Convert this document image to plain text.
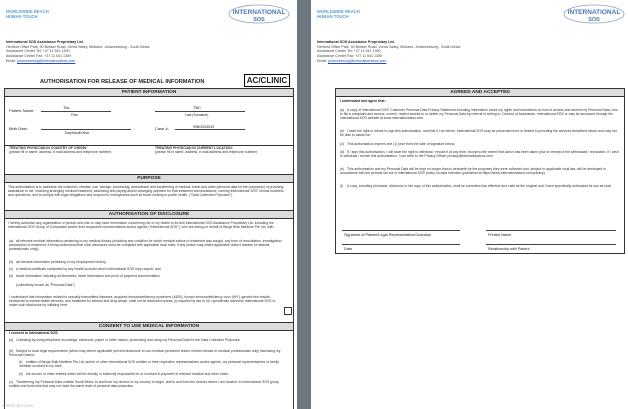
WORLDWIDE REACH
HUMAN TOUCH
INTERNATIONAL
SOS
International SOS Assistance Proprietary Ltd.
Hertford Office Park, 90 Bekker Road, Vorna Valley, Midrand, Johannesburg - South Africa
Assistance Center Tel: +27 11 541 1300
Assistance Center Fax: +27 11 541 1359
Email: johannesburg@internationalsos.com
AUTHORISATION FOR RELEASE OF MEDICAL INFORMATION	AC/CLINIC
PATIENT INFORMATION
Patient Name:
Tbc	TBC
First	Last (Surname)
Birth Date:
Day/Month/Year
Case #:	99BO003033
TREATING PHYSICIAN IN COUNTRY OF ORIGIN:
(please fill in name, address, e-mail address and telephone number)
TREATING PHYSICIAN IN CURRENT LOCATION:
(please fill in name, address, e-mail address and telephone number)
PURPOSE
This authorisation is to authorise the collection, release, use, storage, processing, amendment and transferring of medical, travel and other personal data for the purpose(s) of providing assistance to me, including arranging medical treatment, assessing and paying and/or arranging payment for that treatment and assistance, running International SOS' normal business and operations, and to comply with legal obligations and respond to emergencies such as those relating to public health. ("Data Collection Purposes").
AUTHORISATION OF DISCLOSURE
I hereby authorise any organisation or person who has or may have information concerning me or my health to furnish International SOS Assistance Proprietary Ltd, including the International SOS Group of Companies and/or their respective representatives and/or agents ("International SOS"), who are acting on behalf of Berge Bulk Maritime Pte Ltd, with:
(a) all relevant medical information pertaining to my medical history (including any condition for which medical advice or treatment was sought, any form of consultation, investigation, prescription or treatment, it being understood that such disclosure must be compliant with applicable local rules, if any (which may where applicable restrict release of medical professionals only));
(b) all relevant information pertaining to my employment history;
(c) a medical certificate completed by any health provider which International SOS may require; and
(d) travel information including all itineraries, ticket information and proof of payment documentation
(collectively known as "Personal Data")
I understand that information related to sexually transmitted diseases, acquired immunodeficiency syndrome (AIDS), human immunodeficiency virus (HIV), genetic test results, behavioral or mental health services, and treatment for alcohol and drug abuse, shall not be disclosed unless; (i) required by law or (ii) I specifically authorise International SOS to make such disclosure by initialing here:
CONSENT TO USE MEDICAL INFORMATION
I consent to International SOS:
(a) Collecting by using telephone recordings, electronic, paper or other means, processing and using my Personal Data for the Data Collection Purposes;
(b) Subject to local legal requirements (which may where applicable prevent disclosure to non-medical personnel and/or restrict release to medical professionals only) disclosing my Personal Data to:
(i) entities of Berge Bulk Maritime Pte Ltd, and/or of other International SOS entities or their respective representatives and/or agents, my personal representatives or family member involved in my care;
(ii) the insurer or other entities which will be directly or indirectly responsible for or involved in payment of relevant medical and other costs.
(c) Transferring my Personal Data outside South Africa, to and from my doctors in my country of origin, and to and from the doctors where I am located, to International SOS group entities and territories that may not have the same level of personal data protection.
CSDN @wzyes
WORLDWIDE REACH
HUMAN TOUCH
INTERNATIONAL
SOS
International SOS Assistance Proprietary Ltd.
Hertford Office Park, 90 Bekker Road, Vorna Valley, Midrand, Johannesburg - South Africa
Assistance Center Tel: +27 11 541 1300
Assistance Center Fax: +27 11 541 1359
Email: johannesburg@internationalsos.com
AGREED AND ACCEPTED
I understand and agree that :
(a) A copy of International SOS' Customer Personal Data Privacy Statement including information about my rights and instructions on how to access and amend my Personal Data, how to file a complaint and access, correct, restrict access to or delete my Personal Data by referral in writing to: Director of Assistance, International SOS or may be accessed through the International SOS website at www.internationalsos.com.
(b) I have the right to refuse to sign this authorisation, and that if I do refuse, International SOS may be prevented from or limited in providing the services described above and may not be able to assist me.
(c) This authorisation expires one (1) year from the date of signature below.
(d) If I sign this authorisation, I will have the right to withdraw / revoke it at any time, except to the extent that action has been taken prior to receipt of the withdrawal / revocation. If I wish to withdraw / revoke this authorisation, I can write to the Privacy Officer privacy@internationalsos.com.
(e) This authorisation and my Personal Data will be kept no longer than is desirable for the purposes they were collected and, subject to applicable local law, will be destroyed in accordance with the periods set out in International SOS' policy on data retention (published at https://www.internationalsos.com/privacy).
(f) A copy, including photostat, electronic or fax copy of this authorisation, shall be considered as effective and valid as the original and I have specifically authorised its use as such.
Signature of Patient/Legal Representative/Guardian	Printed Name
Date	Relationship with Patient
